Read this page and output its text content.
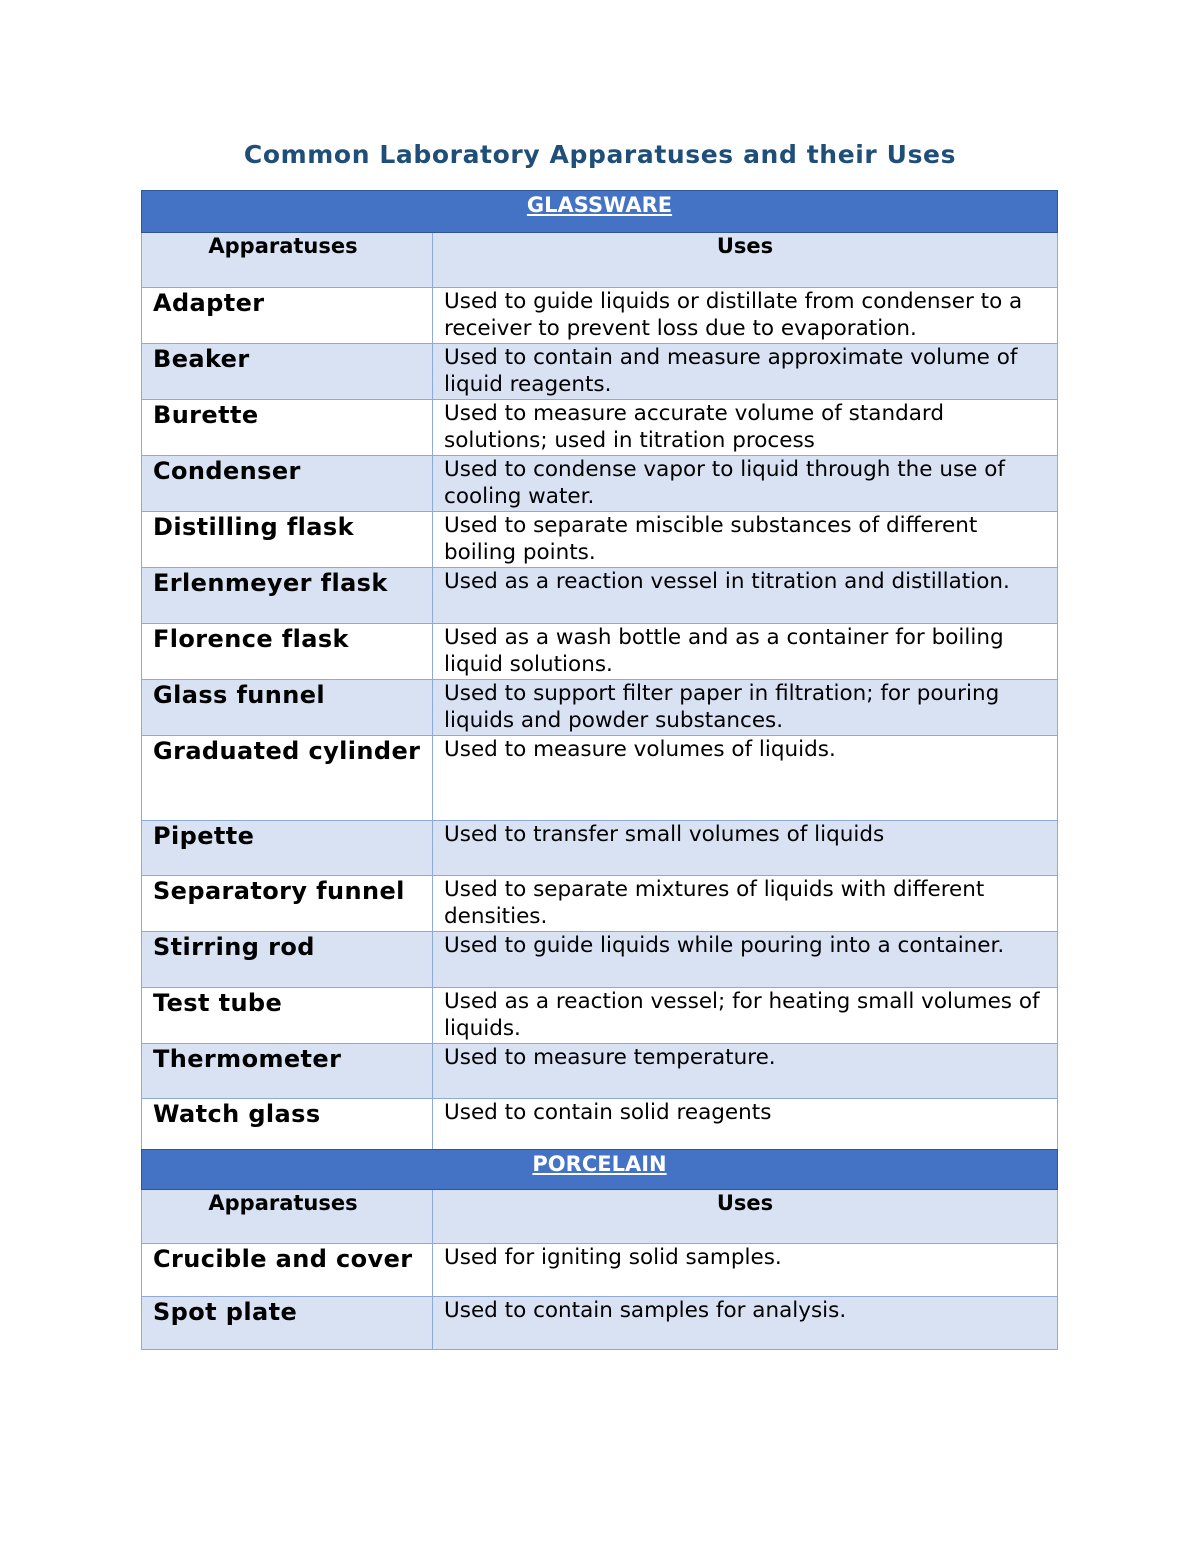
Common Laboratory Apparatuses and their Uses
GLASSWARE	
Apparatuses	Uses
Adapter	Used to guide liquids or distillate from condenser to a receiver to prevent loss due to evaporation.
Beaker	Used to contain and measure approximate volume of liquid reagents.
Burette	Used to measure accurate volume of standard solutions; used in titration process
Condenser	Used to condense vapor to liquid through the use of cooling water.
Distilling flask	Used to separate miscible substances of different boiling points.
Erlenmeyer flask	Used as a reaction vessel in titration and distillation.
Florence flask	Used as a wash bottle and as a container for boiling liquid solutions.
Glass funnel	Used to support filter paper in filtration; for pouring liquids and powder substances.
Graduated cylinder	Used to measure volumes of liquids.
Pipette	Used to transfer small volumes of liquids
Separatory funnel	Used to separate mixtures of liquids with different densities.
Stirring rod	Used to guide liquids while pouring into a container.
Test tube	Used as a reaction vessel; for heating small volumes of liquids.
Thermometer	Used to measure temperature.
Watch glass	Used to contain solid reagents
PORCELAIN	
Apparatuses	Uses
Crucible and cover	Used for igniting solid samples.
Spot plate	Used to contain samples for analysis.
